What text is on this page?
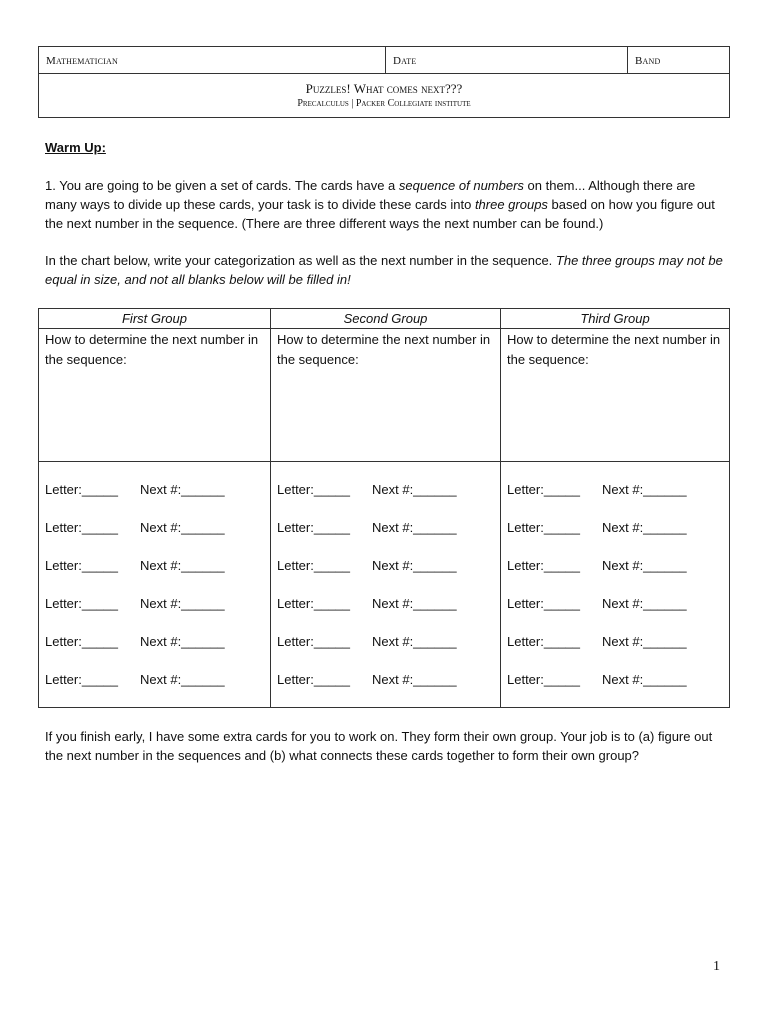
Mathematician	Date	Band
Puzzles! What comes next???
Precalculus | Packer Collegiate institute
Warm Up:
1. You are going to be given a set of cards. The cards have a sequence of numbers on them... Although there are many ways to divide up these cards, your task is to divide these cards into three groups based on how you figure out the next number in the sequence. (There are three different ways the next number can be found.)
In the chart below, write your categorization as well as the next number in the sequence. The three groups may not be equal in size, and not all blanks below will be filled in!
First Group
How to determine the next number in the sequence:
Letter:_____ Next #:______
Letter:_____ Next #:______
Letter:_____ Next #:______
Letter:_____ Next #:______
Letter:_____ Next #:______
Letter:_____ Next #:______
Second Group
How to determine the next number in the sequence:
Letter:_____ Next #:______
Letter:_____ Next #:______
Letter:_____ Next #:______
Letter:_____ Next #:______
Letter:_____ Next #:______
Letter:_____ Next #:______
Third Group
How to determine the next number in the sequence:
Letter:_____ Next #:______
Letter:_____ Next #:______
Letter:_____ Next #:______
Letter:_____ Next #:______
Letter:_____ Next #:______
Letter:_____ Next #:______
If you finish early, I have some extra cards for you to work on. They form their own group. Your job is to (a) figure out the next number in the sequences and (b) what connects these cards together to form their own group?
1
